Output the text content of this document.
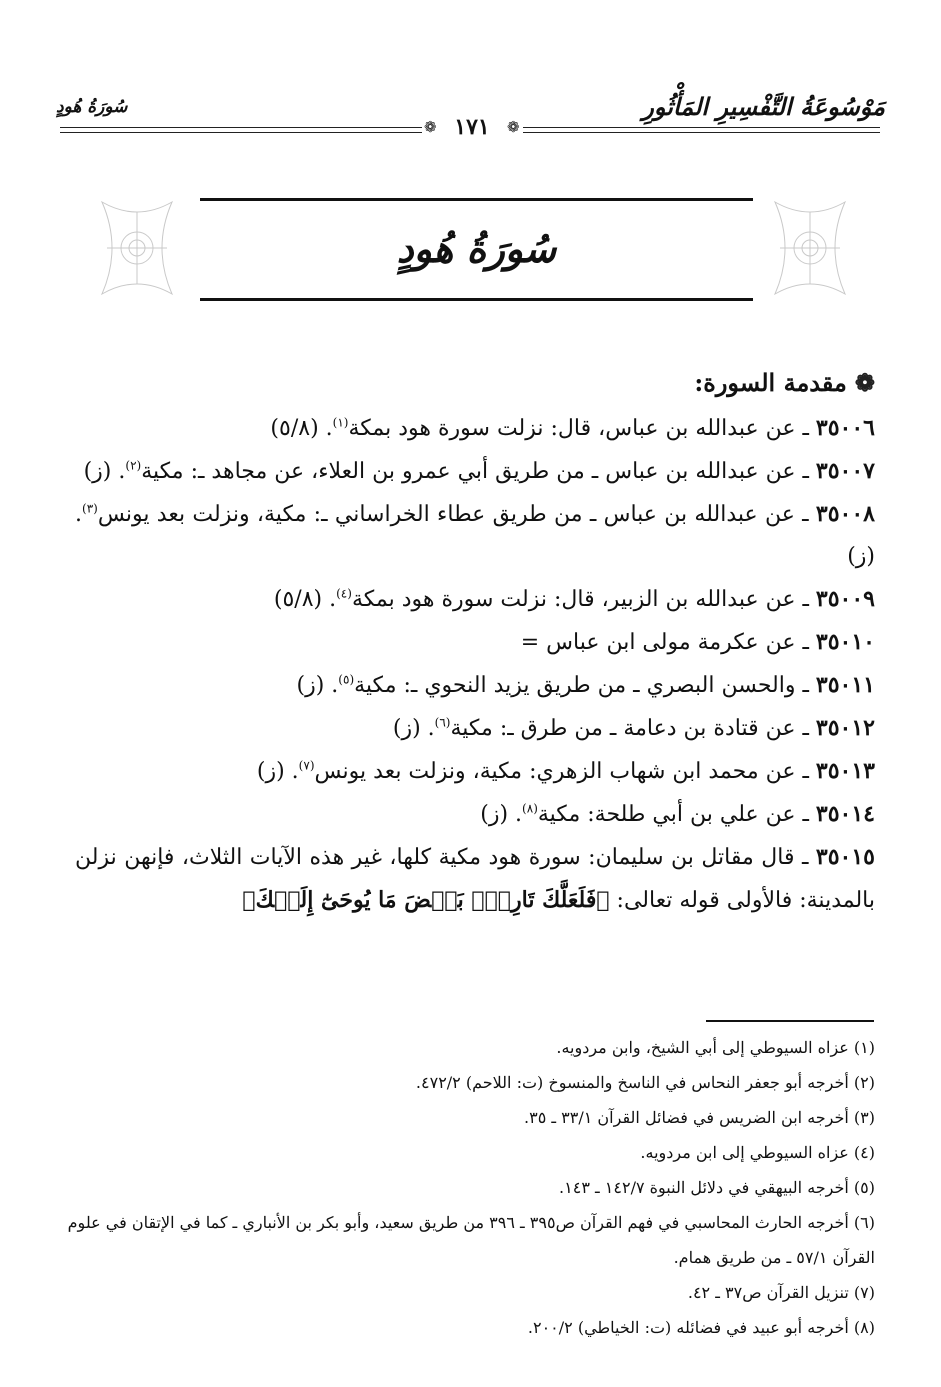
مَوْسُوعَةُ التَّفْسِيرِ المَأْثُورِ
سُورَةُ هُودٍ
❁	❁
١٧١
سُورَةُ هُودٍ
❁مقدمة السورة:
٣٥٠٠٦ ـ عن عبدالله بن عباس، قال: نزلت سورة هود بمكة$^{(١)}$. (٥/٨)
٣٥٠٠٧ ـ عن عبدالله بن عباس ـ من طريق أبي عمرو بن العلاء، عن مجاهد ـ: مكية$^{(٢)}$. (ز)
٣٥٠٠٨ ـ عن عبدالله بن عباس ـ من طريق عطاء الخراساني ـ: مكية، ونزلت بعد يونس$^{(٣)}$. (ز)
٣٥٠٠٩ ـ عن عبدالله بن الزبير، قال: نزلت سورة هود بمكة$^{(٤)}$. (٥/٨)
٣٥٠١٠ ـ عن عكرمة مولى ابن عباس =
٣٥٠١١ ـ والحسن البصري ـ من طريق يزيد النحوي ـ: مكية$^{(٥)}$. (ز)
٣٥٠١٢ ـ عن قتادة بن دعامة ـ من طرق ـ: مكية$^{(٦)}$. (ز)
٣٥٠١٣ ـ عن محمد ابن شهاب الزهري: مكية، ونزلت بعد يونس$^{(٧)}$. (ز)
٣٥٠١٤ ـ عن علي بن أبي طلحة: مكية$^{(٨)}$. (ز)
٣٥٠١٥ ـ قال مقاتل بن سليمان: سورة هود مكية كلها، غير هذه الآيات الثلاث، فإنهن نزلن بالمدينة: فالأولى قوله تعالى: ﴿فَلَعَلَّكَ تَارِكُۢ بَعۡضَ مَا يُوحَىٰٓ إِلَيۡكَ﴾

(١) عزاه السيوطي إلى أبي الشيخ، وابن مردويه.

(٢) أخرجه أبو جعفر النحاس في الناسخ والمنسوخ (ت: اللاحم) ٤٧٢/٢.

(٣) أخرجه ابن الضريس في فضائل القرآن ٣٣/١ ـ ٣٥.

(٤) عزاه السيوطي إلى ابن مردويه.

(٥) أخرجه البيهقي في دلائل النبوة ١٤٢/٧ ـ ١٤٣.

(٦) أخرجه الحارث المحاسبي في فهم القرآن ص٣٩٥ ـ ٣٩٦ من طريق سعيد، وأبو بكر بن الأنباري ـ كما في الإتقان في علوم القرآن ٥٧/١ ـ من طريق همام.

(٧) تنزيل القرآن ص٣٧ ـ ٤٢.

(٨) أخرجه أبو عبيد في فضائله (ت: الخياطي) ٢٠٠/٢.
